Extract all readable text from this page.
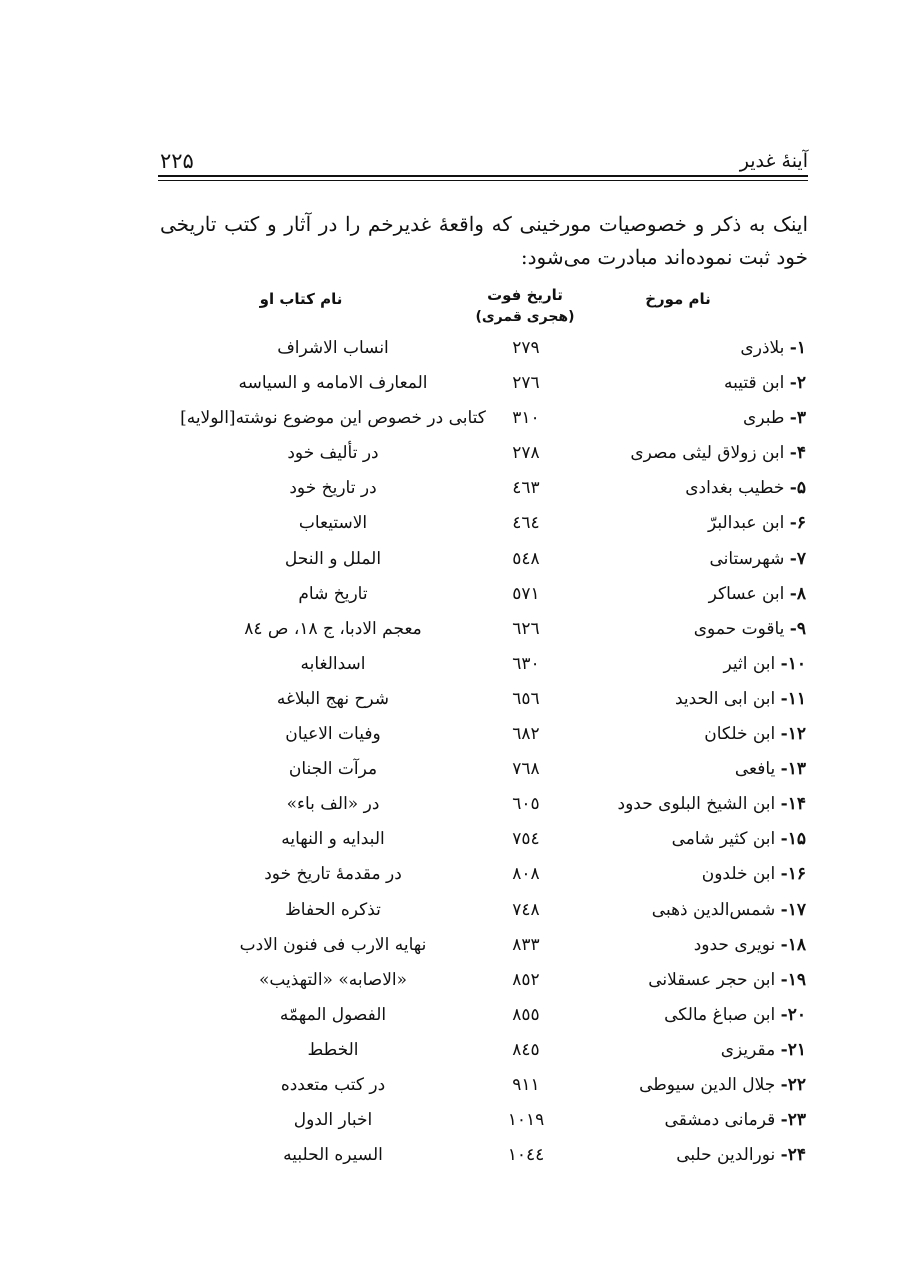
آینهٔ غدیر
۲۲۵
اینک به ذکر و خصوصیات مورخینی که واقعهٔ غدیرخم را در آثار و کتب تاریخی خود ثبت نموده‌اند مبادرت می‌شود:
نام مورخ
تاریخ فوت
(هجری قمری)
نام کتاب او
۱- بلاذری
۲۷۹
انساب الاشراف
۲- ابن قتیبه
۲۷٦
المعارف الامامه و السیاسه
۳- طبری
۳۱۰
کتابی در خصوص این موضوع نوشته[الولایه]
۴- ابن زولاق لیثی مصری
۲۷۸
در تألیف خود
۵- خطیب بغدادی
٤٦۳
در تاریخ خود
۶- ابن عبدالبرّ
٤٦٤
الاستیعاب
۷- شهرستانی
٥٤۸
الملل و النحل
۸- ابن عساکر
٥۷۱
تاریخ شام
۹- یاقوت حموی
٦۲٦
معجم الادبا، ج ۱۸، ص ۸٤
۱۰- ابن اثیر
٦۳۰
اسدالغابه
۱۱- ابن ابی الحدید
٦٥٦
شرح نهج البلاغه
۱۲- ابن خلکان
٦۸۲
وفیات الاعیان
۱۳- یافعی
۷٦۸
مرآت الجنان
۱۴- ابن الشیخ البلوی حدود
٦۰٥
در «الف باء»
۱۵- ابن کثیر شامی
۷٥٤
البدایه و النهایه
۱۶- ابن خلدون
۸۰۸
در مقدمهٔ تاریخ خود
۱۷- شمس‌الدین ذهبی
۷٤۸
تذکره الحفاظ
۱۸- نویری حدود
۸۳۳
نهایه الارب فی فنون الادب
۱۹- ابن حجر عسقلانی
۸٥۲
«الاصابه» «التهذیب»
۲۰- ابن صباغ مالکی
۸٥٥
الفصول المهمّه
۲۱- مقریزی
۸٤٥
الخطط
۲۲- جلال الدین سیوطی
۹۱۱
در کتب متعدده
۲۳- قرمانی دمشقی
۱۰۱۹
اخبار الدول
۲۴- نورالدین حلبی
۱۰٤٤
السیره الحلبیه
